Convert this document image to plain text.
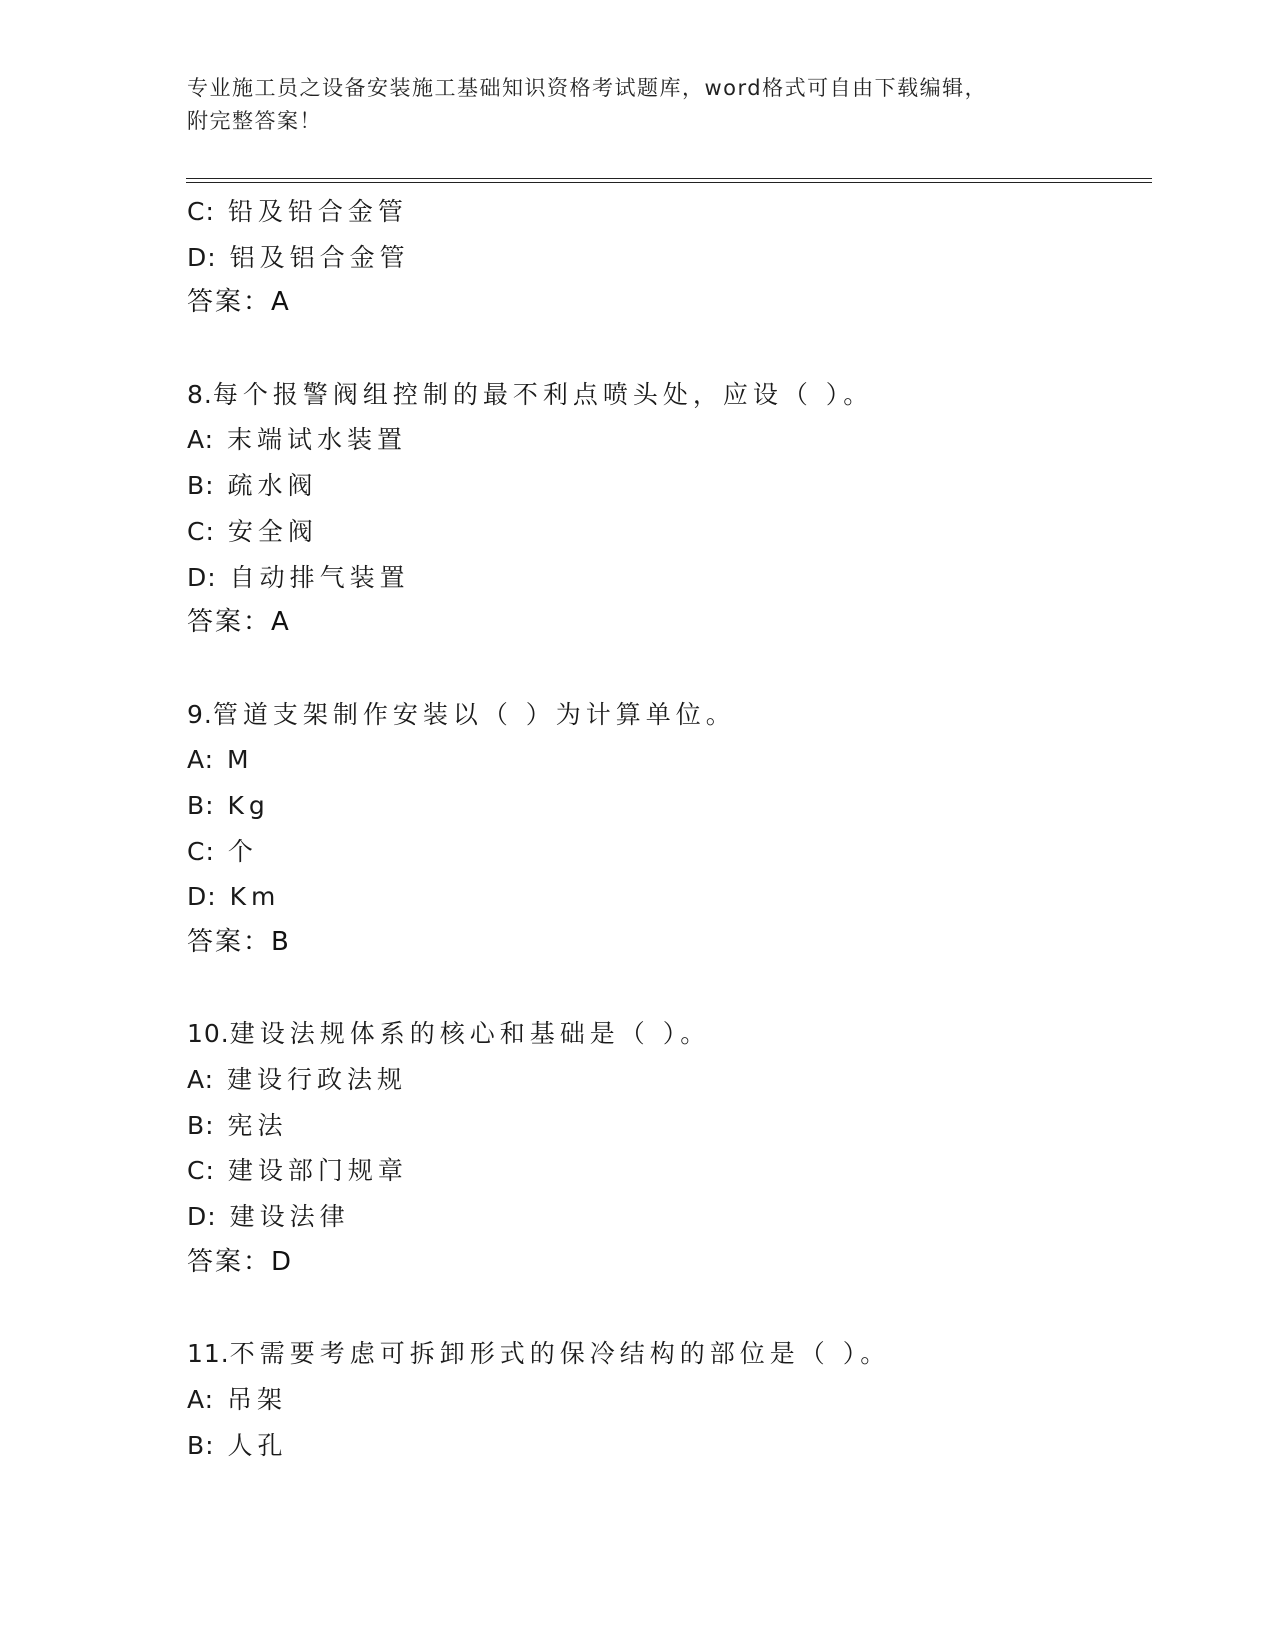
专业施工员之设备安装施工基础知识资格考试题库，word格式可自由下载编辑，
附完整答案！
C: 铅及铅合金管
D: 铝及铝合金管
答案：A
8.每个报警阀组控制的最不利点喷头处，应设（ ）。
A: 末端试水装置
B: 疏水阀
C: 安全阀
D: 自动排气装置
答案：A
9.管道支架制作安装以（ ）为计算单位。
A: M
B: Kg
C: 个
D: Km
答案：B
10.建设法规体系的核心和基础是（ ）。
A: 建设行政法规
B: 宪法
C: 建设部门规章
D: 建设法律
答案：D
11.不需要考虑可拆卸形式的保冷结构的部位是（ ）。
A: 吊架
B: 人孔
